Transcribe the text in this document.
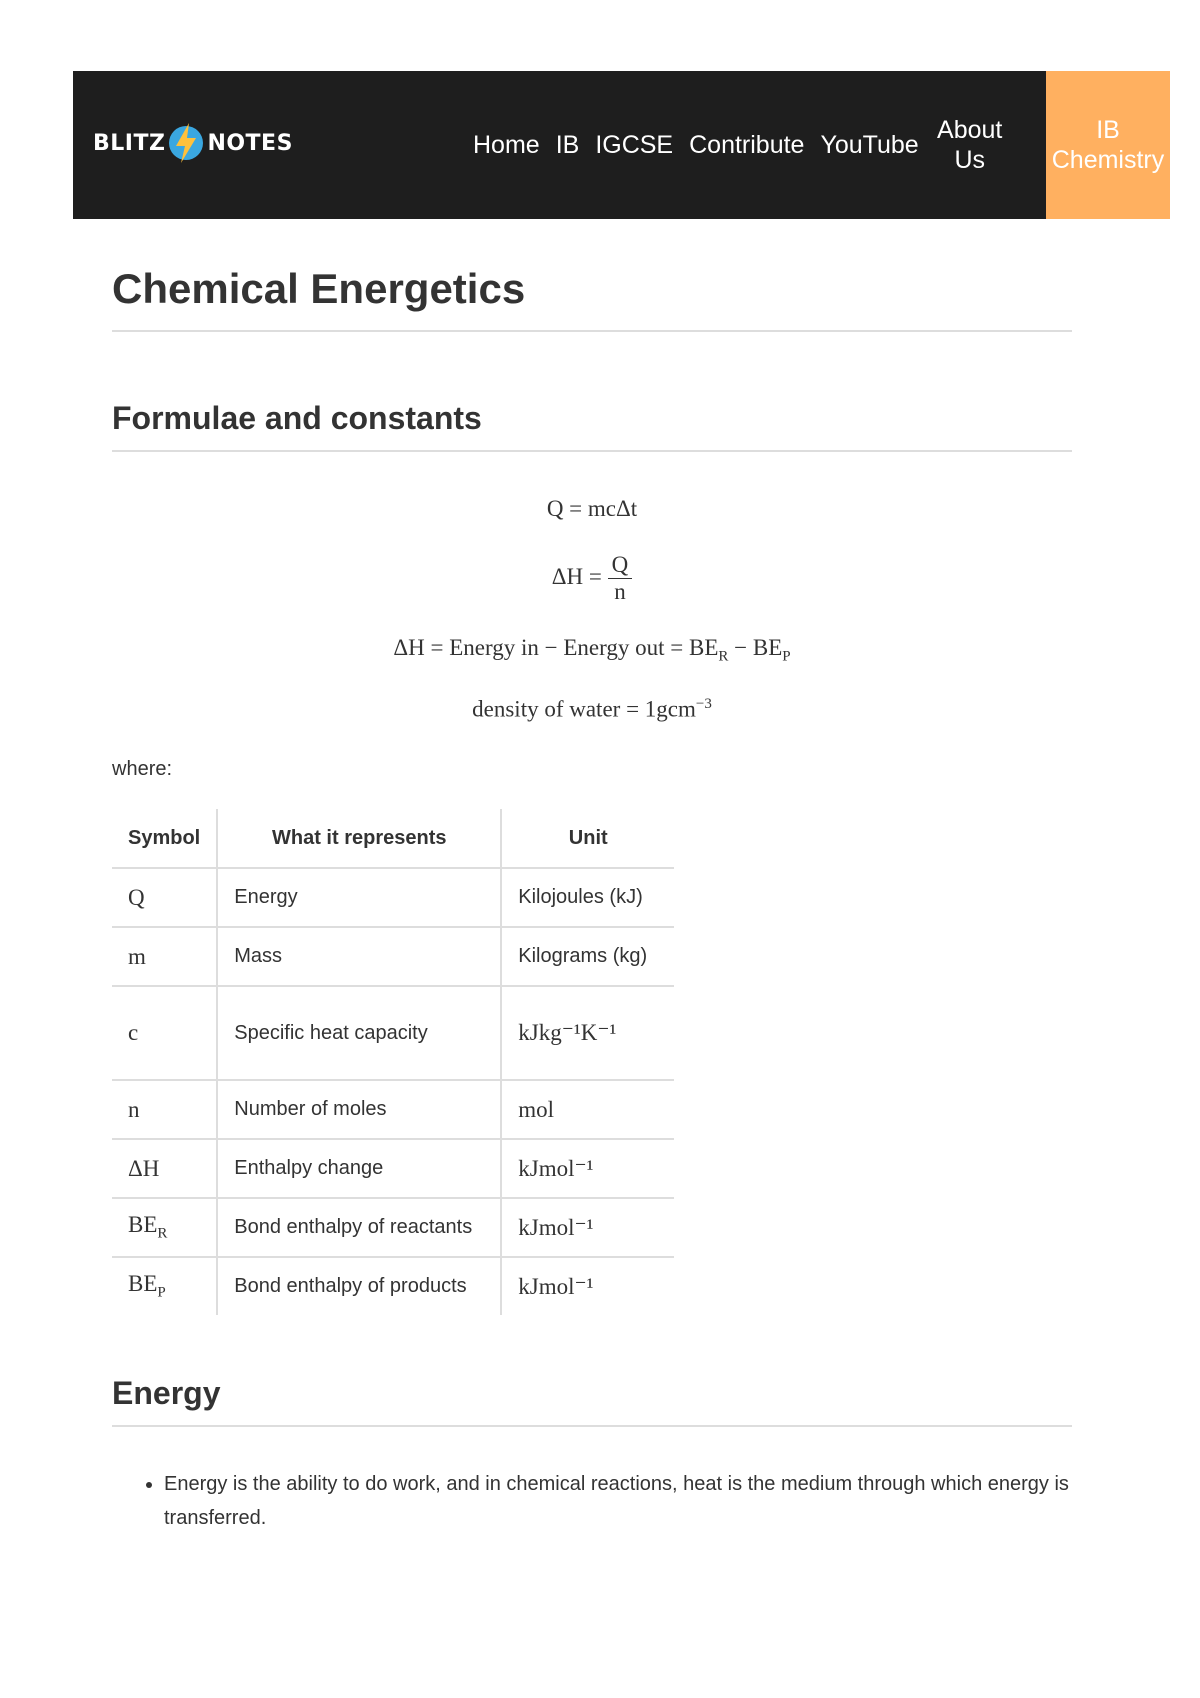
BLITZ NOTES	Home IB IGCSE Contribute YouTube
About Us
IB Chemistry
Chemical Energetics
Formulae and constants
Q = mcΔt
$\Delta H = \frac{Q}{n}$
ΔH = Energy in − Energy out = $BE_R - BE_P$
density of water = 1gcm$^{-3}$
where:
Symbol	What it represents	Unit
Q	Energy	Kilojoules (kJ)
m	Mass	Kilograms (kg)
c	Specific heat capacity	kJkg⁻¹K⁻¹
n	Number of moles	mol
ΔH	Enthalpy change	kJmol⁻¹
$BE_R$	Bond enthalpy of reactants	kJmol⁻¹
$BE_P$	Bond enthalpy of products	kJmol⁻¹
Energy
• Energy is the ability to do work, and in chemical reactions, heat is the medium through which energy is transferred.
